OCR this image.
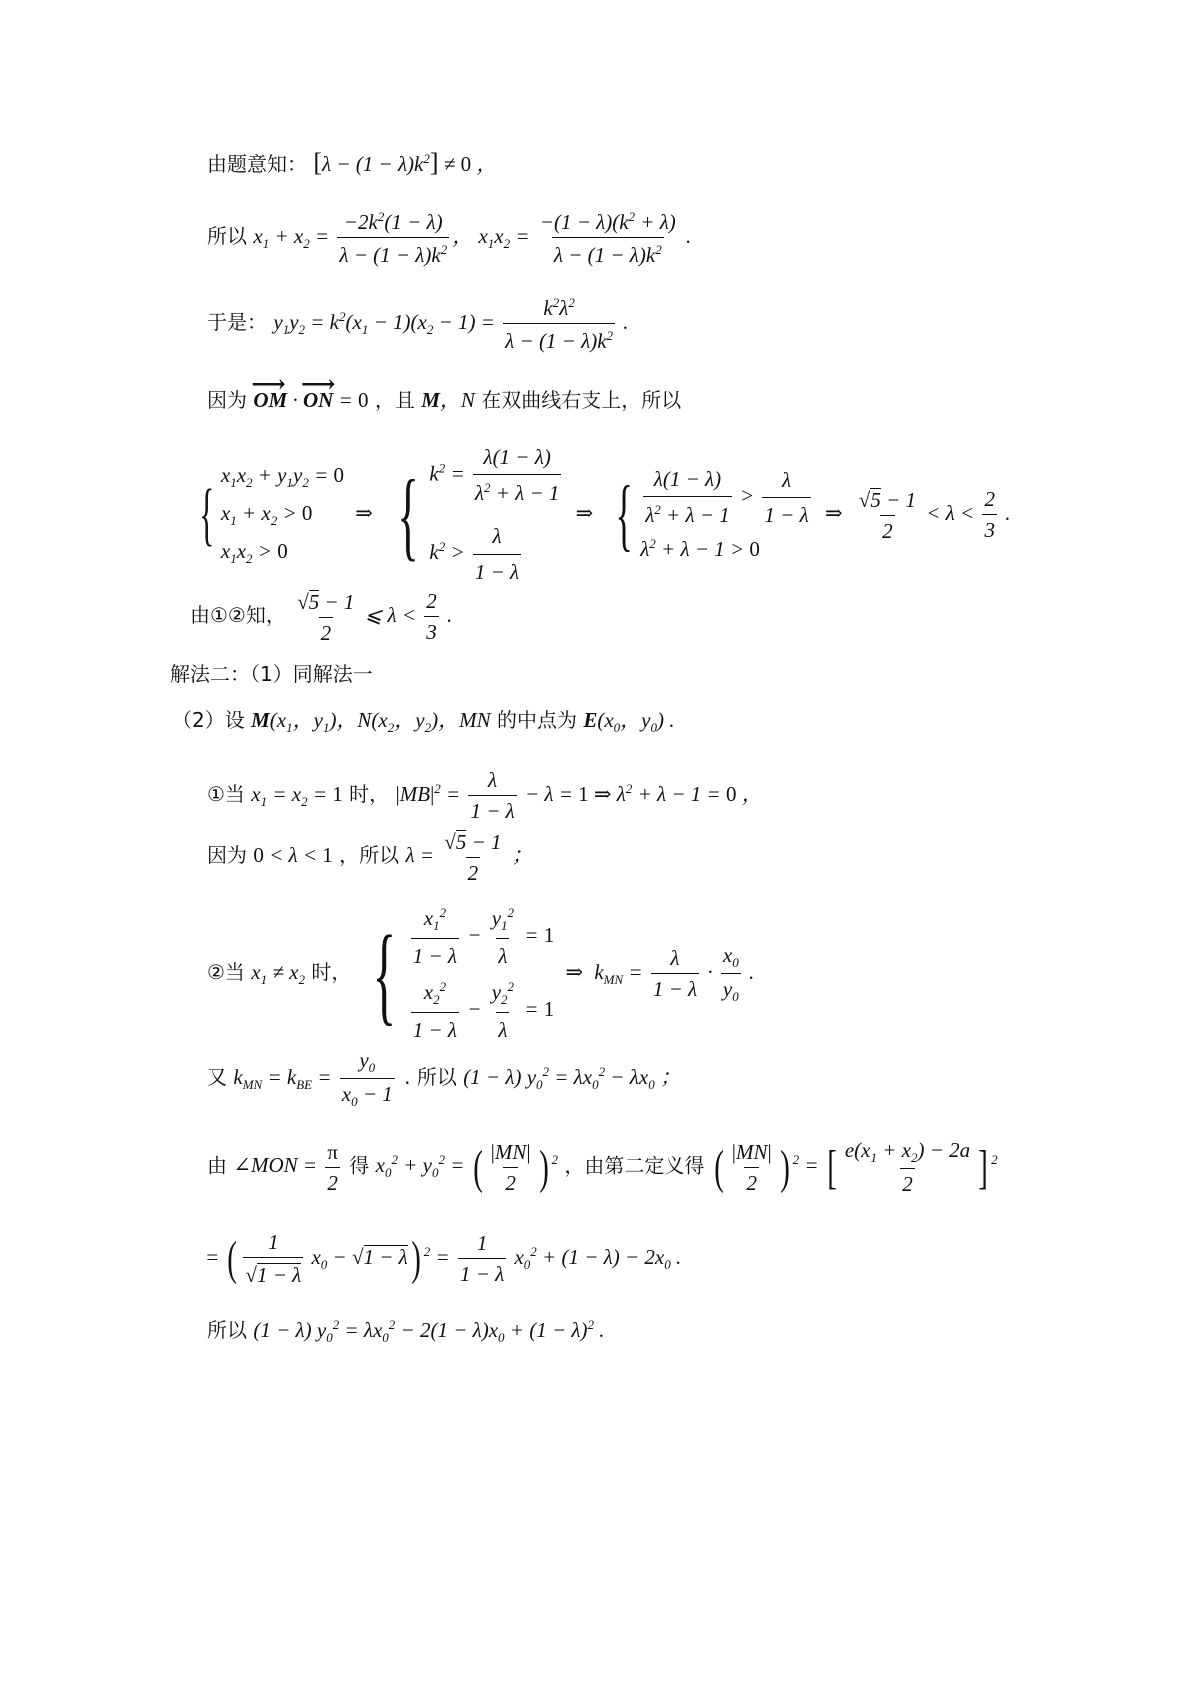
由题意知： $[\lambda - (1 - \lambda)k^2] \ne 0$ ，
所以 $x_1 + x_2 = \frac{-2k^2(1 - \lambda)}{\lambda - (1 - \lambda)k^2}$ ， $x_1x_2 = \frac{-(1 - \lambda)(k^2 + \lambda)}{\lambda - (1 - \lambda)k^2}$ .
于是： $y_1y_2 = k^2(x_1 - 1)(x_2 - 1) = \frac{k^2\lambda^2}{\lambda - (1 - \lambda)k^2}$ .
因为 ⟶ OM · ⟶ ON = 0 ，且 M，N 在双曲线右支上，所以
{
$x_1x_2 + y_1y_2 = 0$
$x_1 + x_2 > 0$
$x_1x_2 > 0$
⇒ { $k^2 = \frac{\lambda(1 - \lambda)}{\lambda^2 + \lambda - 1}$
$k^2 > \frac{\lambda}{1 - \lambda}$
⇒ { $\frac{\lambda(1 - \lambda)}{\lambda^2 + \lambda - 1} > \frac{\lambda}{1 - \lambda}$
$\lambda^2 + \lambda - 1 > 0$
⇒ $\frac{√5 - 1}{2} < \lambda < \frac{2}{3}$ .
由①②知， $\frac{√5 - 1}{2}$ ⩽ $\lambda < \frac{2}{3}$ .
解法二：（1）同解法一
（2）设 $M(x_1$，$y_1$)，$N(x_2$，$y_2$)，MN 的中点为 $E(x_0$，$y_0$) .
①当 $x_1 = x_2 = 1$ 时， $|MB|^2 = \frac{\lambda}{1 - \lambda} - \lambda = 1$ ⇒ $\lambda^2 + \lambda - 1 = 0$ ，
因为 0 < λ < 1 ，所以 $\lambda = \frac{√5 - 1}{2}$ ；
②当 $x_1 \ne x_2$ 时， { $\frac{x_1^2}{1 - \lambda} - \frac{y_1^2}{\lambda} = 1$
$\frac{x_2^2}{1 - \lambda} - \frac{y_2^2}{\lambda} = 1$
⇒ $k_{MN} = \frac{\lambda}{1 - \lambda} \cdot \frac{x_0}{y_0}$ .
又 $k_{MN} = k_{BE} = \frac{y_0}{x_0 - 1}$ . 所以 (1 − λ) $y_0^2 = \lambda x_0^2 - \lambda x_0$ ；
由 ∠MON = $\frac{\pi}{2}$ 得 $x_0^2 + y_0^2$ = ( $\frac{|MN|}{2}$ ) $^2$ ，由第二定义得 ( $\frac{|MN|}{2}$ ) $^2$ = [ $\frac{e(x_1 + x_2) - 2a}{2}$ ] $^2$
= ( $\frac{1}{√1 - \lambda} x_0 - √1 - \lambda$) $^2 = \frac{1}{1 - \lambda} x_0^2 + (1 - \lambda) - 2x_0$ .
所以 (1 − λ) $y_0^2 = \lambda x_0^2 - 2(1 - \lambda)x_0 + (1 - \lambda)^2$ .
